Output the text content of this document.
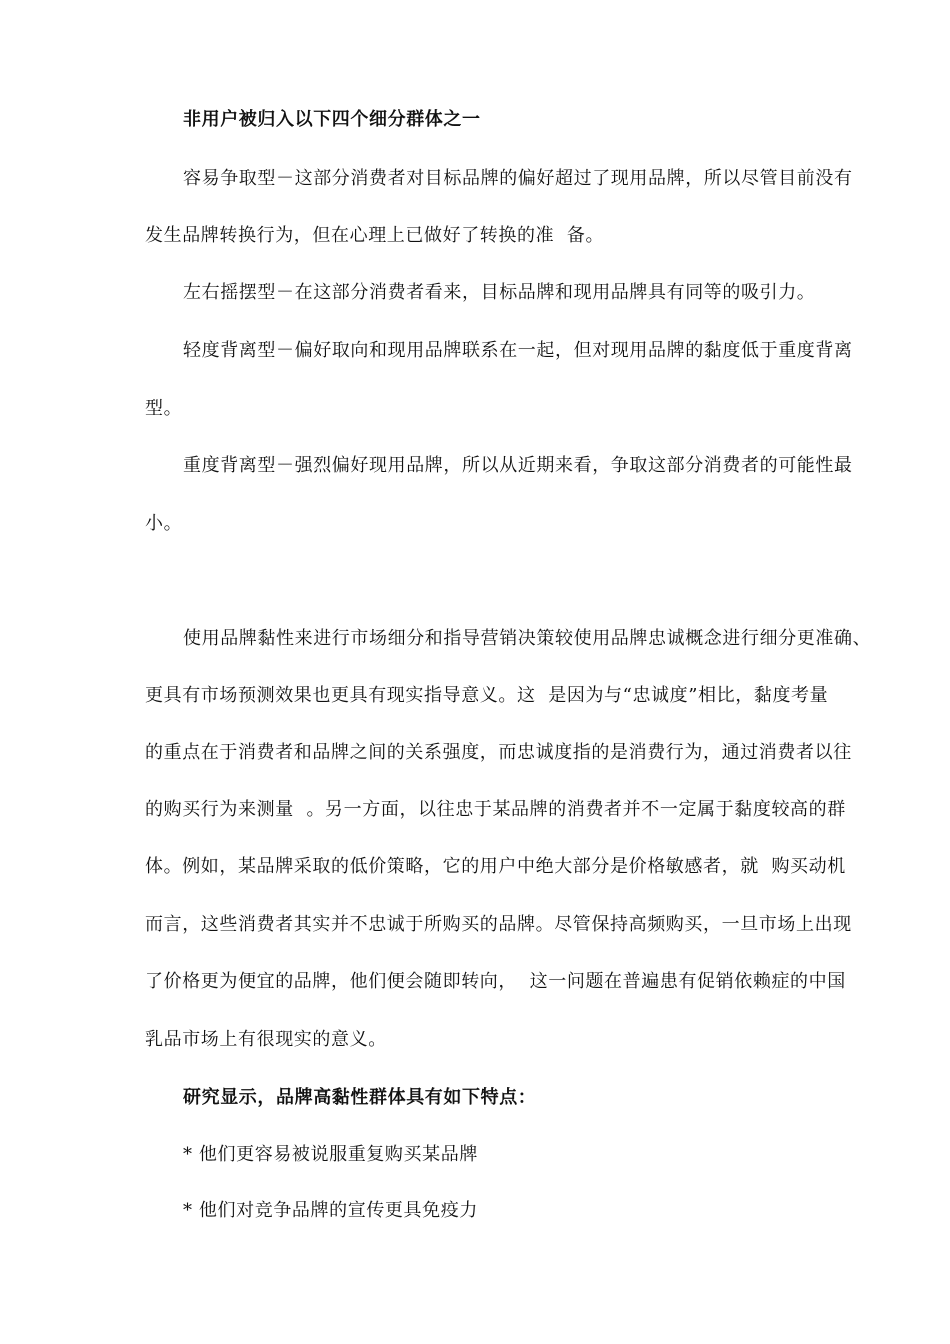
非用户被归入以下四个细分群体之一
容易争取型－这部分消费者对目标品牌的偏好超过了现用品牌，所以尽管目前没有
发生品牌转换行为，但在心理上已做好了转换的准  备。
左右摇摆型－在这部分消费者看来，目标品牌和现用品牌具有同等的吸引力。
轻度背离型－偏好取向和现用品牌联系在一起，但对现用品牌的黏度低于重度背离
型。
重度背离型－强烈偏好现用品牌，所以从近期来看，争取这部分消费者的可能性最
小。
使用品牌黏性来进行市场细分和指导营销决策较使用品牌忠诚概念进行细分更准确、
更具有市场预测效果也更具有现实指导意义。这  是因为与“忠诚度”相比，黏度考量
的重点在于消费者和品牌之间的关系强度，而忠诚度指的是消费行为，通过消费者以往
的购买行为来测量  。另一方面，以往忠于某品牌的消费者并不一定属于黏度较高的群
体。例如，某品牌采取的低价策略，它的用户中绝大部分是价格敏感者，就  购买动机
而言，这些消费者其实并不忠诚于所购买的品牌。尽管保持高频购买，一旦市场上出现
了价格更为便宜的品牌，他们便会随即转向，  这一问题在普遍患有促销依赖症的中国
乳品市场上有很现实的意义。
研究显示，品牌高黏性群体具有如下特点：
* 他们更容易被说服重复购买某品牌
* 他们对竞争品牌的宣传更具免疫力
